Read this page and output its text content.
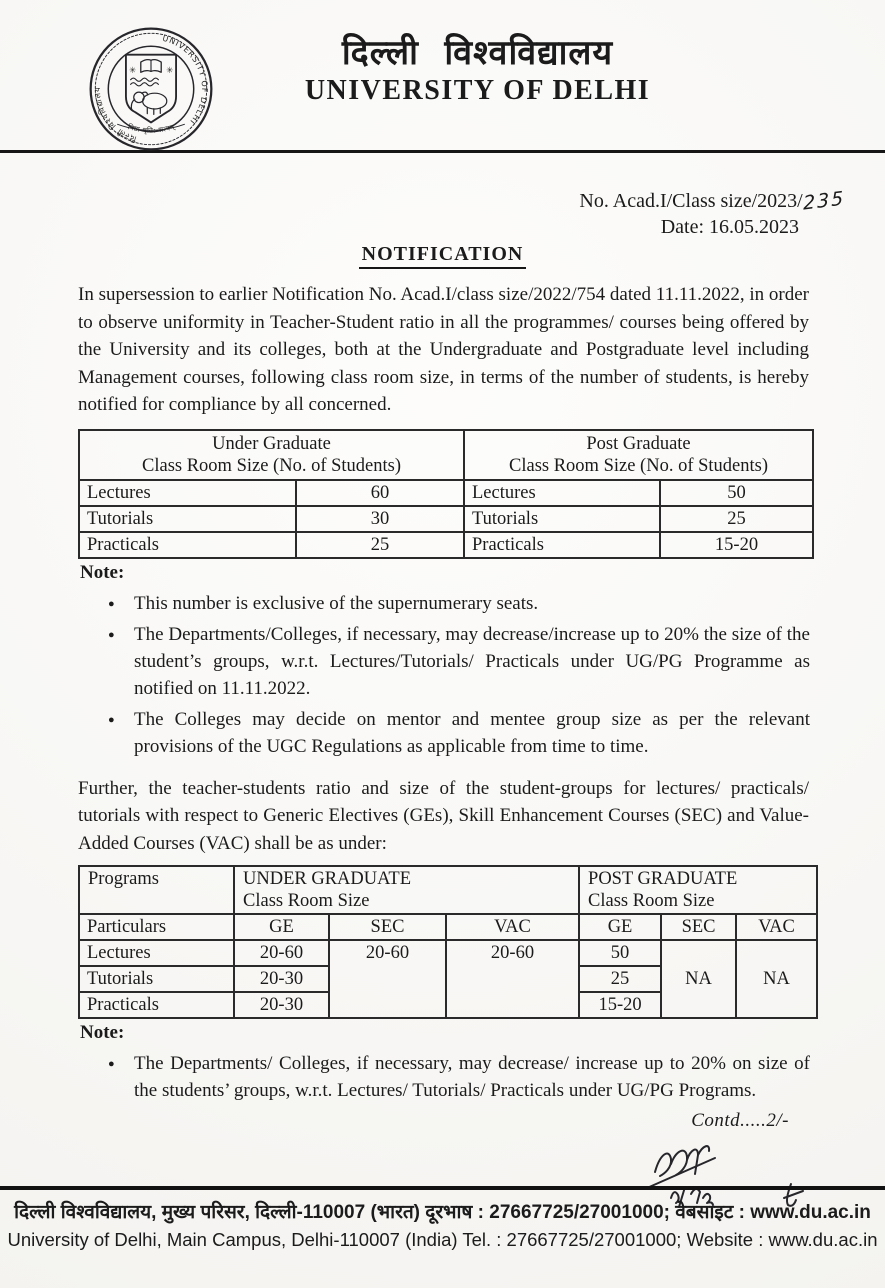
UNIVERSITY OF DELHI
दिल्ली विश्वविद्यालय
✳	✳
निष्ठा धृति: सत्यम्
दिल्ली विश्वविद्यालय
UNIVERSITY OF DELHI
No. Acad.I/Class size/2023/235
Date: 16.05.2023
NOTIFICATION

In supersession to earlier Notification No. Acad.I/class size/2022/754 dated 11.11.2022, in order to observe uniformity in Teacher-Student ratio in all the programmes/ courses being offered by the University and its colleges, both at the Undergraduate and Postgraduate level including Management courses, following class room size, in terms of the number of students, is hereby notified for compliance by all concerned.

Under Graduate
Class Room Size (No. of Students)		Post Graduate
Class Room Size (No. of Students)	
Lectures	60	Lectures	50
Tutorials	30	Tutorials	25
Practicals	25	Practicals	15-20
Note:
● This number is exclusive of the supernumerary seats.
● The Departments/Colleges, if necessary, may decrease/increase up to 20% the size of the student’s groups, w.r.t. Lectures/Tutorials/ Practicals under UG/PG Programme as notified on 11.11.2022.
● The Colleges may decide on mentor and mentee group size as per the relevant provisions of the UGC Regulations as applicable from time to time.

Further, the teacher-students ratio and size of the student-groups for lectures/ practicals/ tutorials with respect to Generic Electives (GEs), Skill Enhancement Courses (SEC) and Value-Added Courses (VAC) shall be as under:

Programs	UNDER GRADUATE
Class Room Size			POST GRADUATE
Class Room Size		
Particulars	GE	SEC	VAC	GE	SEC	VAC
Lectures	20-60	20-60	20-60	50	NA	NA
Tutorials	20-30			25		
Practicals	20-30			15-20		
Note:
● The Departments/ Colleges, if necessary, may decrease/ increase up to 20% on size of the students’ groups, w.r.t. Lectures/ Tutorials/ Practicals under UG/PG Programs.
Contd.....2/-
दिल्ली विश्वविद्यालय, मुख्य परिसर, दिल्ली-110007 (भारत) दूरभाष : 27667725/27001000; वेबसाइट : www.du.ac.in
University of Delhi, Main Campus, Delhi-110007 (India) Tel. : 27667725/27001000; Website : www.du.ac.in
